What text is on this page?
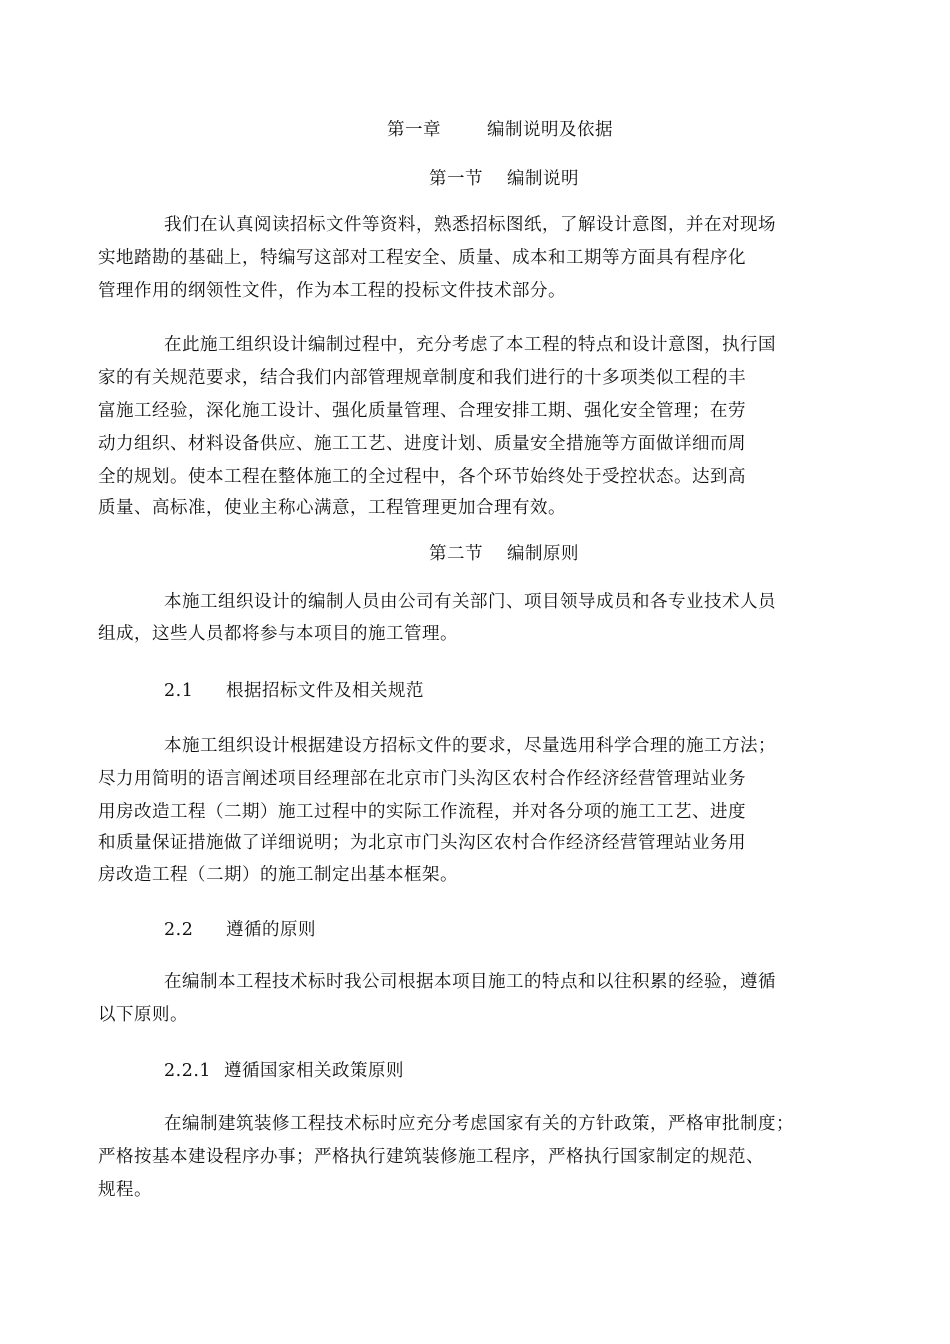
第一章	编制说明及依据
第一节 编制说明
我们在认真阅读招标文件等资料，熟悉招标图纸，了解设计意图，并在对现场
实地踏勘的基础上，特编写这部对工程安全、质量、成本和工期等方面具有程序化
管理作用的纲领性文件，作为本工程的投标文件技术部分。
在此施工组织设计编制过程中，充分考虑了本工程的特点和设计意图，执行国
家的有关规范要求，结合我们内部管理规章制度和我们进行的十多项类似工程的丰
富施工经验，深化施工设计、强化质量管理、合理安排工期、强化安全管理；在劳
动力组织、材料设备供应、施工工艺、进度计划、质量安全措施等方面做详细而周
全的规划。使本工程在整体施工的全过程中，各个环节始终处于受控状态。达到高
质量、高标准，使业主称心满意，工程管理更加合理有效。
第二节 编制原则
本施工组织设计的编制人员由公司有关部门、项目领导成员和各专业技术人员
组成，这些人员都将参与本项目的施工管理。
2.1 根据招标文件及相关规范
本施工组织设计根据建设方招标文件的要求，尽量选用科学合理的施工方法；
尽力用简明的语言阐述项目经理部在北京市门头沟区农村合作经济经营管理站业务
用房改造工程（二期）施工过程中的实际工作流程，并对各分项的施工工艺、进度
和质量保证措施做了详细说明；为北京市门头沟区农村合作经济经营管理站业务用
房改造工程（二期）的施工制定出基本框架。
2.2 遵循的原则
在编制本工程技术标时我公司根据本项目施工的特点和以往积累的经验，遵循
以下原则。
2.2.1 遵循国家相关政策原则
在编制建筑装修工程技术标时应充分考虑国家有关的方针政策，严格审批制度；
严格按基本建设程序办事；严格执行建筑装修施工程序，严格执行国家制定的规范、
规程。
